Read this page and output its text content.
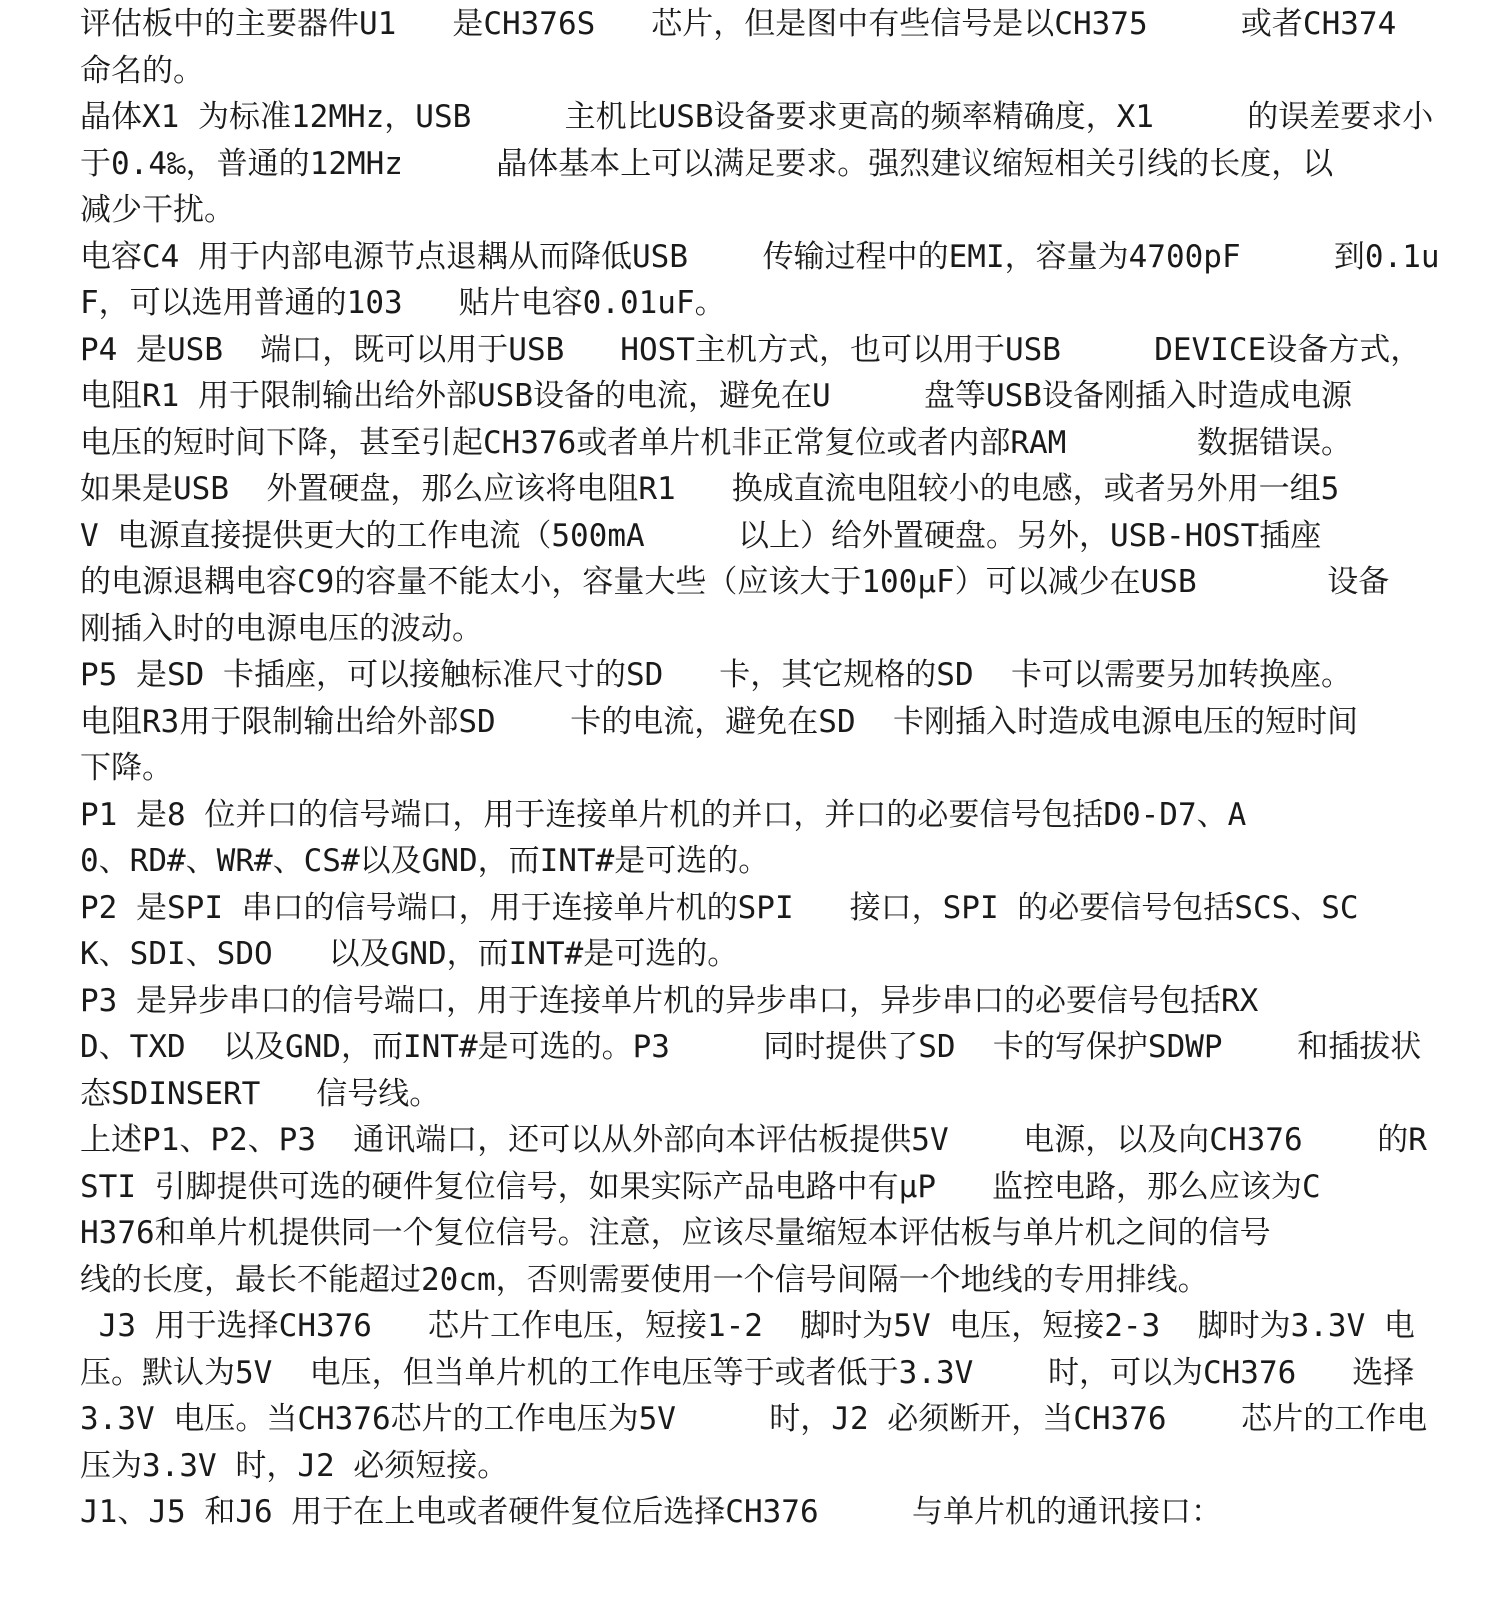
评估板中的主要器件U1   是CH376S   芯片，但是图中有些信号是以CH375     或者CH374
命名的。
晶体X1 为标准12MHz，USB     主机比USB设备要求更高的频率精确度，X1     的误差要求小
于0.4‰，普通的12MHz     晶体基本上可以满足要求。强烈建议缩短相关引线的长度，以
减少干扰。
电容C4 用于内部电源节点退耦从而降低USB    传输过程中的EMI，容量为4700pF     到0.1u
F，可以选用普通的103   贴片电容0.01uF。
P4 是USB  端口，既可以用于USB   HOST主机方式，也可以用于USB     DEVICE设备方式，
电阻R1 用于限制输出给外部USB设备的电流，避免在U     盘等USB设备刚插入时造成电源
电压的短时间下降，甚至引起CH376或者单片机非正常复位或者内部RAM       数据错误。
如果是USB  外置硬盘，那么应该将电阻R1   换成直流电阻较小的电感，或者另外用一组5
V 电源直接提供更大的工作电流（500mA     以上）给外置硬盘。另外，USB-HOST插座
的电源退耦电容C9的容量不能太小，容量大些（应该大于100μF）可以减少在USB       设备
刚插入时的电源电压的波动。
P5 是SD 卡插座，可以接触标准尺寸的SD   卡，其它规格的SD  卡可以需要另加转换座。
电阻R3用于限制输出给外部SD    卡的电流，避免在SD  卡刚插入时造成电源电压的短时间
下降。
P1 是8 位并口的信号端口，用于连接单片机的并口，并口的必要信号包括D0-D7、A
0、RD#、WR#、CS#以及GND，而INT#是可选的。
P2 是SPI 串口的信号端口，用于连接单片机的SPI   接口，SPI 的必要信号包括SCS、SC
K、SDI、SDO   以及GND，而INT#是可选的。
P3 是异步串口的信号端口，用于连接单片机的异步串口，异步串口的必要信号包括RX
D、TXD  以及GND，而INT#是可选的。P3     同时提供了SD  卡的写保护SDWP    和插拔状
态SDINSERT   信号线。
上述P1、P2、P3  通讯端口，还可以从外部向本评估板提供5V    电源，以及向CH376    的R
STI 引脚提供可选的硬件复位信号，如果实际产品电路中有μP   监控电路，那么应该为C
H376和单片机提供同一个复位信号。注意，应该尽量缩短本评估板与单片机之间的信号
线的长度，最长不能超过20cm，否则需要使用一个信号间隔一个地线的专用排线。
J3 用于选择CH376   芯片工作电压，短接1-2  脚时为5V 电压，短接2-3  脚时为3.3V 电
压。默认为5V  电压，但当单片机的工作电压等于或者低于3.3V    时，可以为CH376   选择
3.3V 电压。当CH376芯片的工作电压为5V     时，J2 必须断开，当CH376    芯片的工作电
压为3.3V 时，J2 必须短接。
J1、J5 和J6 用于在上电或者硬件复位后选择CH376     与单片机的通讯接口：
